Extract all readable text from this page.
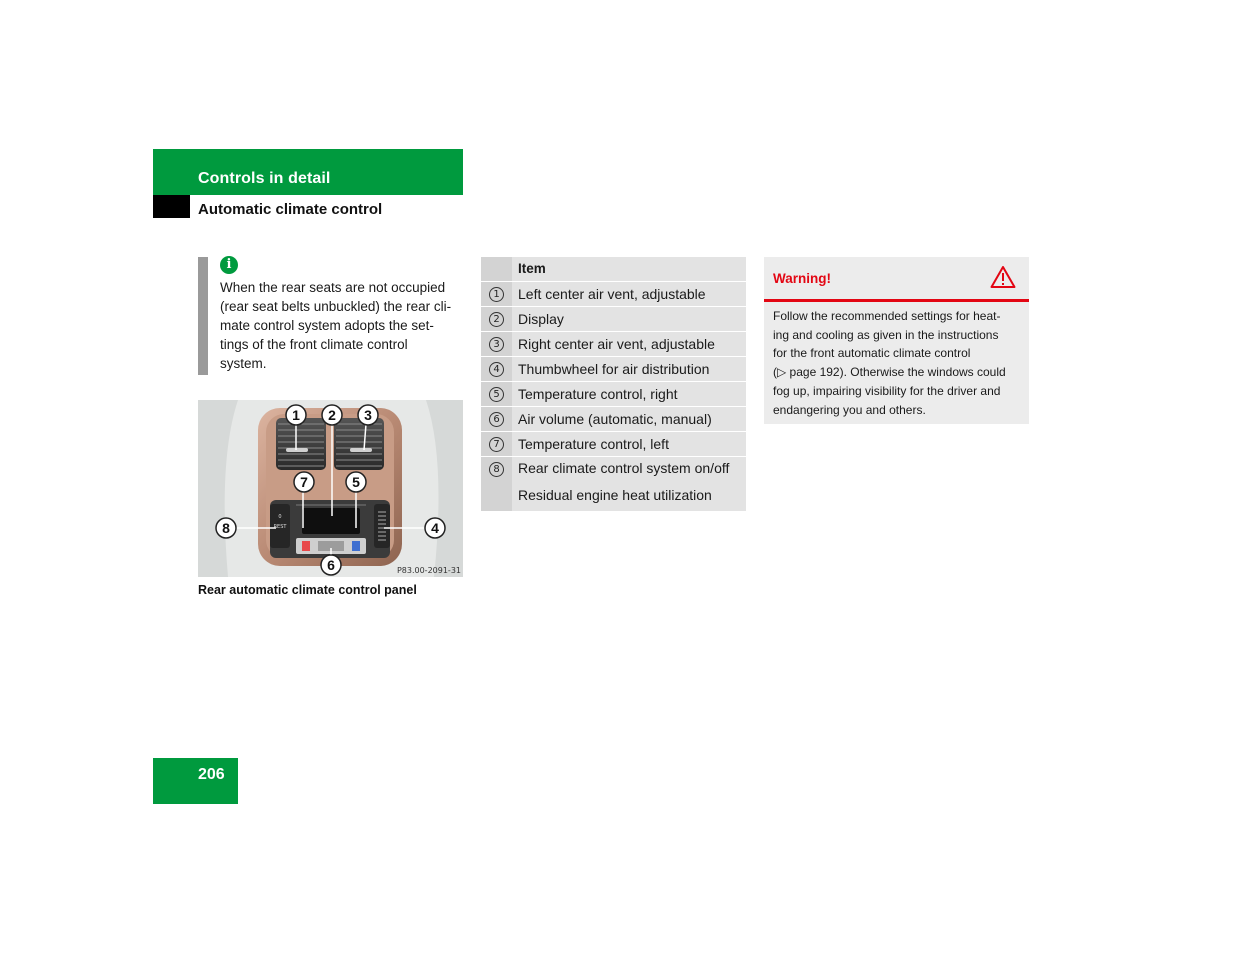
Controls in detail
Automatic climate control
i
When the rear seats are not occupied
(rear seat belts unbuckled) the rear cli-
mate control system adopts the set-
tings of the front climate control
system.
REST
0
1 2 3
4
5
6
7
8
P83.00-2091-31
Rear automatic climate control panel
Item
1	Left center air vent, adjustable
2	Display
3	Right center air vent, adjustable
4	Thumbwheel for air distribution
5	Temperature control, right
6	Air volume (automatic, manual)
7	Temperature control, left
8	Rear climate control system on/off
Residual engine heat utilization
Warning!
Follow the recommended settings for heat-
ing and cooling as given in the instructions
for the front automatic climate control
(▷ page 192). Otherwise the windows could
fog up, impairing visibility for the driver and
endangering you and others.
206
